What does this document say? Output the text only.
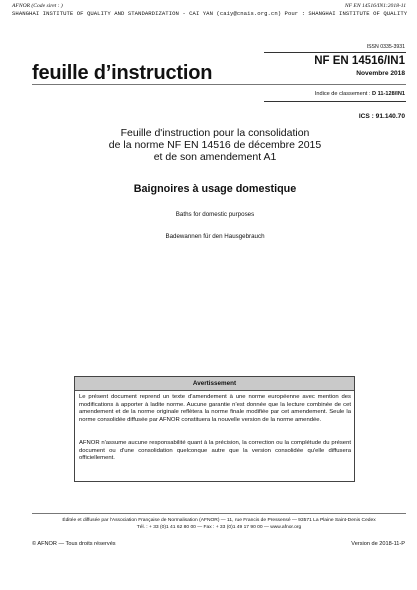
AFNOR (Code siret : )	NF EN 14516/IN1:2018-11
SHANGHAI INSTITUTE OF QUALITY AND STANDARDIZATION - CAI YAN (caiy@cnais.org.cn) Pour : SHANGHAI INSTITUTE OF QUALITY
ISSN 0335-3931
feuille d’instruction
NF EN 14516/IN1
Novembre 2018
Indice de classement : D 11-128/IN1
ICS : 91.140.70
Feuille d'instruction pour la consolidation
de la norme NF EN 14516 de décembre 2015
et de son amendement A1
Baignoires à usage domestique
Baths for domestic purposes
Badewannen für den Hausgebrauch
Avertissement
Le présent document reprend un texte d'amendement à une norme européenne avec mention des modifications à apporter à ladite norme. Aucune garantie n'est donnée que la lecture combinée de cet amendement et de la norme originale reflètera la norme finale modifiée par cet amendement. Seule la norme consolidée diffusée par AFNOR constituera la nouvelle version de la norme amendée.
AFNOR n'assume aucune responsabilité quant à la précision, la correction ou la complétude du présent document ou d'une consolidation quelconque autre que la version consolidée qu'elle diffusera officiellement.
Éditée et diffusée par l'Association Française de Normalisation (AFNOR) — 11, rue Francis de Pressensé — 93571 La Plaine Saint-Denis Cedex
Tél. : + 33 (0)1 41 62 80 00 — Fax : + 33 (0)1 49 17 90 00 — www.afnor.org
© AFNOR — Tous droits réservés	Version de 2018-11-P
